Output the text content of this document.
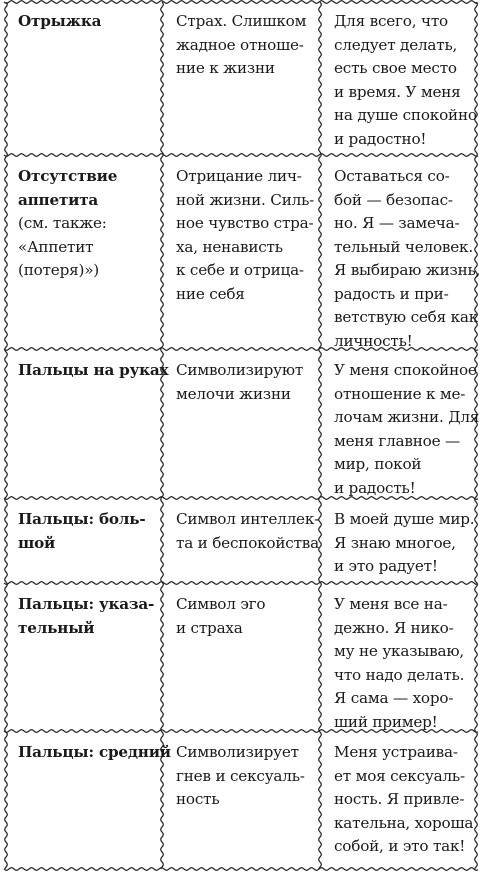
Отрыжка	Страх. Слишком
жадное отноше-
ние к жизни
Для всего, что
следует делать,
есть свое место
и время. У меня
на душе спокойно
и радостно!
Отсутствие
аппетита
(см. также:
«Аппетит
(потеря)»)
Отрицание лич-
ной жизни. Силь-
ное чувство стра-
ха, ненависть
к себе и отрица-
ние себя
Оставаться со-
бой — безопас-
но. Я — замеча-
тельный человек.
Я выбираю жизнь,
радость и при-
ветствую себя как
личность!
Пальцы на руках Символизируют
мелочи жизни
У меня спокойное
отношение к ме-
лочам жизни. Для
меня главное —
мир, покой
и радость!
Пальцы: боль-
шой
Символ интеллек-
та и беспокойства
В моей душе мир.
Я знаю многое,
и это радует!
Пальцы: указа-
тельный
Символ эго
и страха
У меня все на-
дежно. Я нико-
му не указываю,
что надо делать.
Я сама — хоро-
ший пример!
Пальцы: средний Символизирует
гнев и сексуаль-
ность
Меня устраива-
ет моя сексуаль-
ность. Я привле-
кательна, хороша
собой, и это так!
